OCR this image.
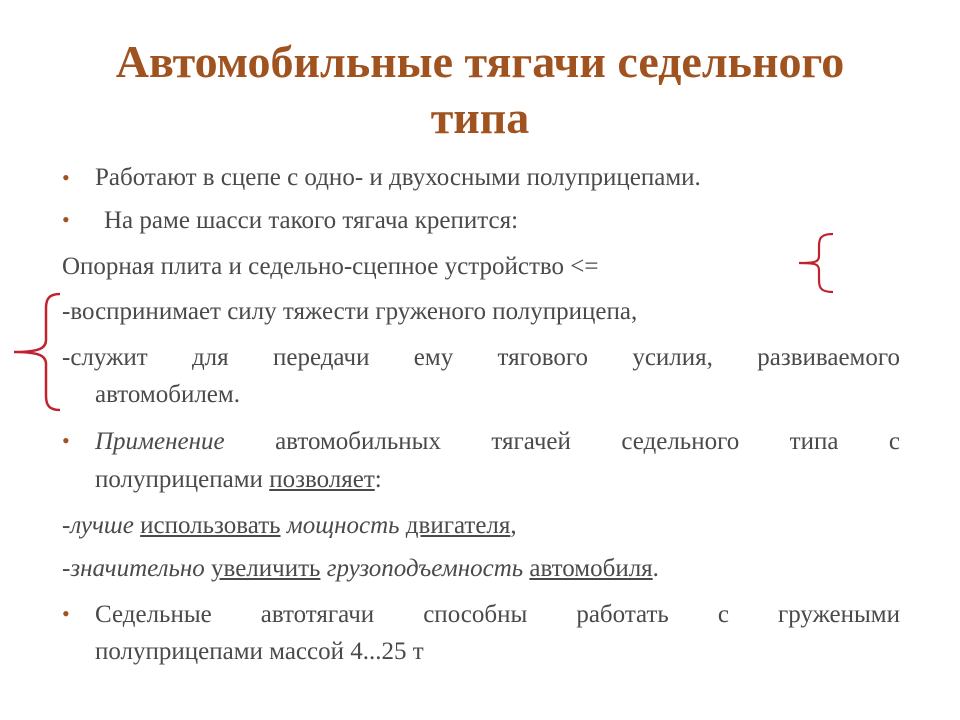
Автомобильные тягачи седельного
типа
• Работают в сцепе с одно- и двухосными полуприцепами.
• На раме шасси такого тягача крепится:
Опорная плита и седельно-сцепное устройство <=
-воспринимает силу тяжести груженого полуприцепа,
-служит для передачи ему тягового усилия, развиваемого
автомобилем.
• Применение автомобильных тягачей седельного типа с
полуприцепами позволяет:
-лучше использовать мощность двигателя,
-значительно увеличить грузоподъемность автомобиля.
• Седельные автотягачи способны работать с гружеными
полуприцепами массой 4...25 т
